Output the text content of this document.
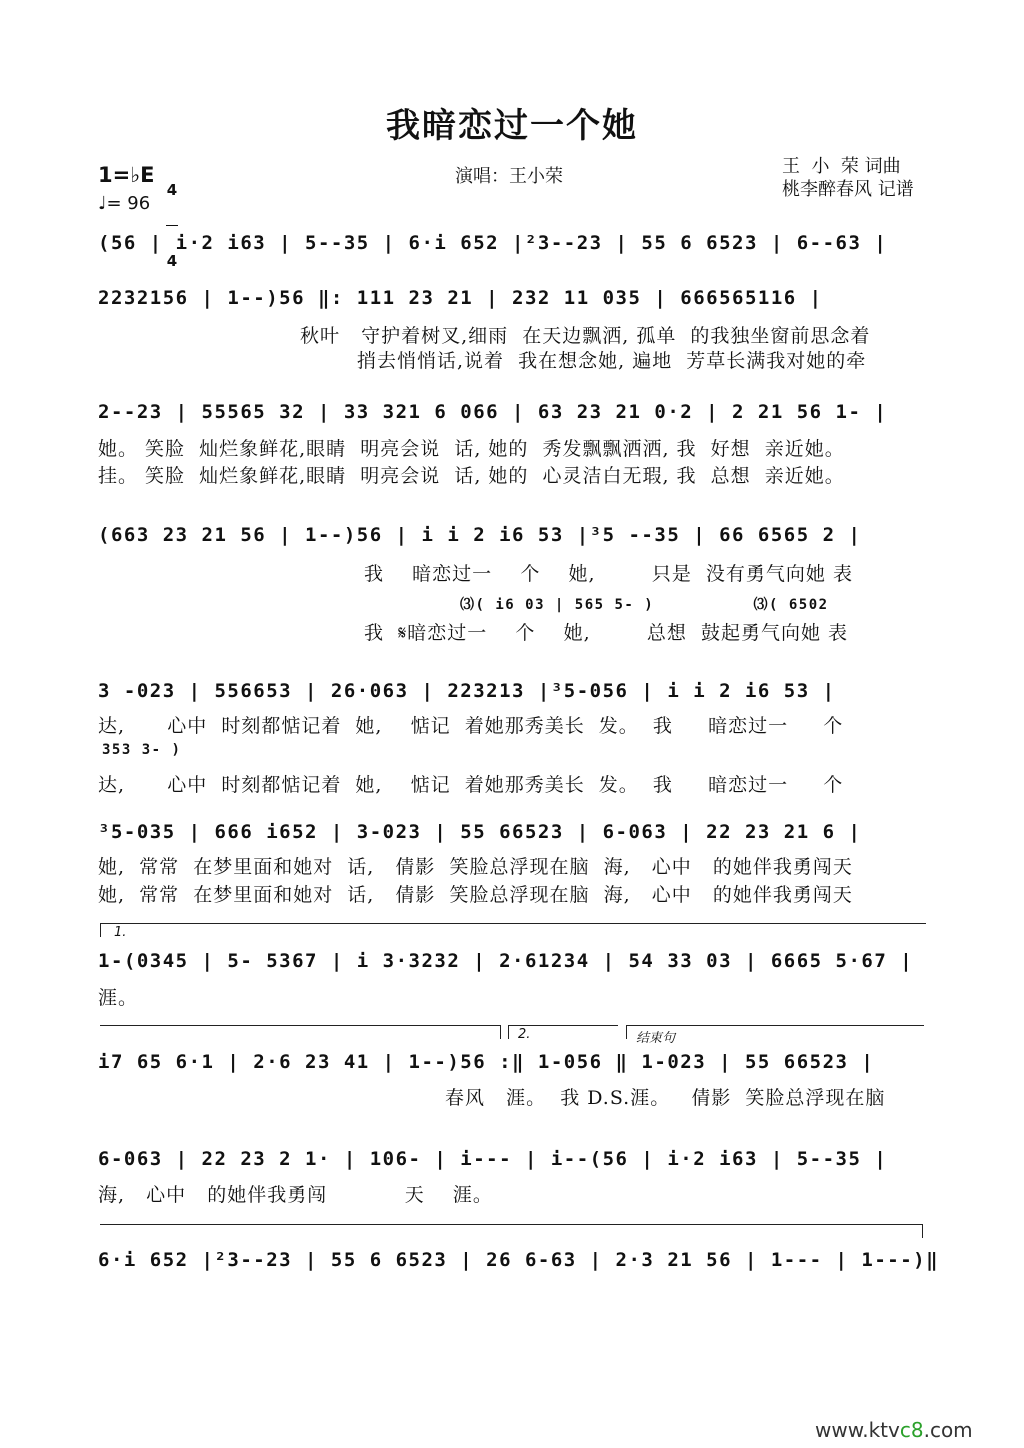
我暗恋过一个她
1=♭E

4

4

♩= 96
演唱：王小荣	王  小  荣 词曲
桃李醉春风 记谱
(56 | i·2 i63 | 5--35 | 6·i 652 |²3--23 | 55 6 6523 | 6--63 |
2232156 | 1--)56 ‖: 111 23 21 | 232 11 035 | 666565116 |
秋叶   守护着树叉,细雨  在天边飘洒, 孤单  的我独坐窗前思念着
捎去悄悄话,说着  我在想念她, 遍地  芳草长满我对她的牵
2--23 | 55565 32 | 33 321 6 066 | 63 23 21 0·2 | 2 21 56 1- |
她。 笑脸  灿烂象鲜花,眼睛  明亮会说  话, 她的  秀发飘飘洒洒, 我  好想  亲近她。
挂。 笑脸  灿烂象鲜花,眼睛  明亮会说  话, 她的  心灵洁白无瑕, 我  总想  亲近她。
(663 23 21 56 | 1--)56 | i i 2 i6 53 |³5 --35 | 66 6565 2 |
我    暗恋过一    个    她,        只是  没有勇气向她 表
⑶( i6 03 | 565 5- )          ⑶( 6502
我  𝄋暗恋过一    个    她,        总想  鼓起勇气向她 表
3 -023 | 556653 | 26·063 | 223213 |³5-056 | i i 2 i6 53 |
达,      心中  时刻都惦记着  她,    惦记  着她那秀美长  发。  我     暗恋过一     个
353 3- )
达,      心中  时刻都惦记着  她,    惦记  着她那秀美长  发。  我     暗恋过一     个
³5-035 | 666 i652 | 3-023 | 55 66523 | 6-063 | 22 23 21 6 |
她,  常常  在梦里面和她对  话,   倩影  笑脸总浮现在脑  海,   心中   的她伴我勇闯天
她,  常常  在梦里面和她对  话,   倩影  笑脸总浮现在脑  海,   心中   的她伴我勇闯天
1.
1-(0345 | 5- 5367 | i 3·3232 | 2·61234 | 54 33 03 | 6665 5·67 |
涯。
2.	结束句
i7 65 6·1 | 2·6 23 41 | 1--)56 :‖ 1-056 ‖ 1-023 | 55 66523 |
春风   涯。  我 D.S.涯。   倩影  笑脸总浮现在脑
6-063 | 22 23 2 1· | 106- | i--- | i--(56 | i·2 i63 | 5--35 |
海,   心中   的她伴我勇闯           天    涯。
6·i 652 |²3--23 | 55 6 6523 | 26 6-63 | 2·3 21 56 | 1--- | 1---)‖
www.ktvc8.com
